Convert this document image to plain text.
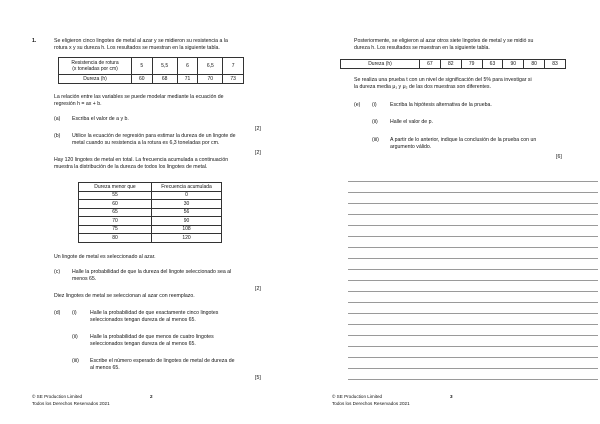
1.	Se eligieron cinco lingotes de metal al azar y se midieron su resistencia a la
rotura x y su dureza h. Los resultados se muestran en la siguiente tabla.
Resistencia de rotura
(x toneladas por cm)	5	5,5	6	6,5	7
Dureza (h)	60	68	71	70	73
La relación entre las variables se puede modelar mediante la ecuación de
regresión h = ax + b.
(a) Escriba el valor de a y b.
[2]
(b) Utilice la ecuación de regresión para estimar la dureza de un lingote de
metal cuando su resistencia a la rotura es 6,3 toneladas por cm.
[2]
Hay 120 lingotes de metal en total. La frecuencia acumulada a continuación
muestra la distribución de la dureza de todos los lingotes de metal.
Dureza menor que	Frecuencia acumulada
55	0
60	30
65	56
70	90
75	108
80	120
Un lingote de metal es seleccionado al azar.
(c) Halle la probabilidad de que la dureza del lingote seleccionado sea al
menos 65.
[2]
Diez lingotes de metal se seleccionan al azar con reemplazo.
(d) (i)	Halle la probabilidad de que exactamente cinco lingotes
seleccionados tengan dureza de al menos 65.
(ii) Halle la probabilidad de que menos de cuatro lingotes
seleccionados tengan dureza de al menos 65.
(iii) Escribe el número esperado de lingotes de metal de dureza de
al menos 65.
[5]
© SE Production Limited
Todos los Derechos Reservados 2021
2
Posteriormente, se eligieron al azar otros siete lingotes de metal y se midió su
dureza h. Los resultados se muestran en la siguiente tabla.
Dureza (h)	67	82	79	63	90	80	83
Se realiza una prueba t con un nivel de significación del 5% para investigar si
la dureza media μ₁ y μ₂ de las dos muestras son diferentes.
(e) (i)	Escriba la hipótesis alternativa de la prueba.
(ii) Halle el valor de p.
(iii) A partir de lo anterior, indique la conclusión de la prueba con un
argumento válido.
[6]
© SE Production Limited
Todos los Derechos Reservados 2021
3
